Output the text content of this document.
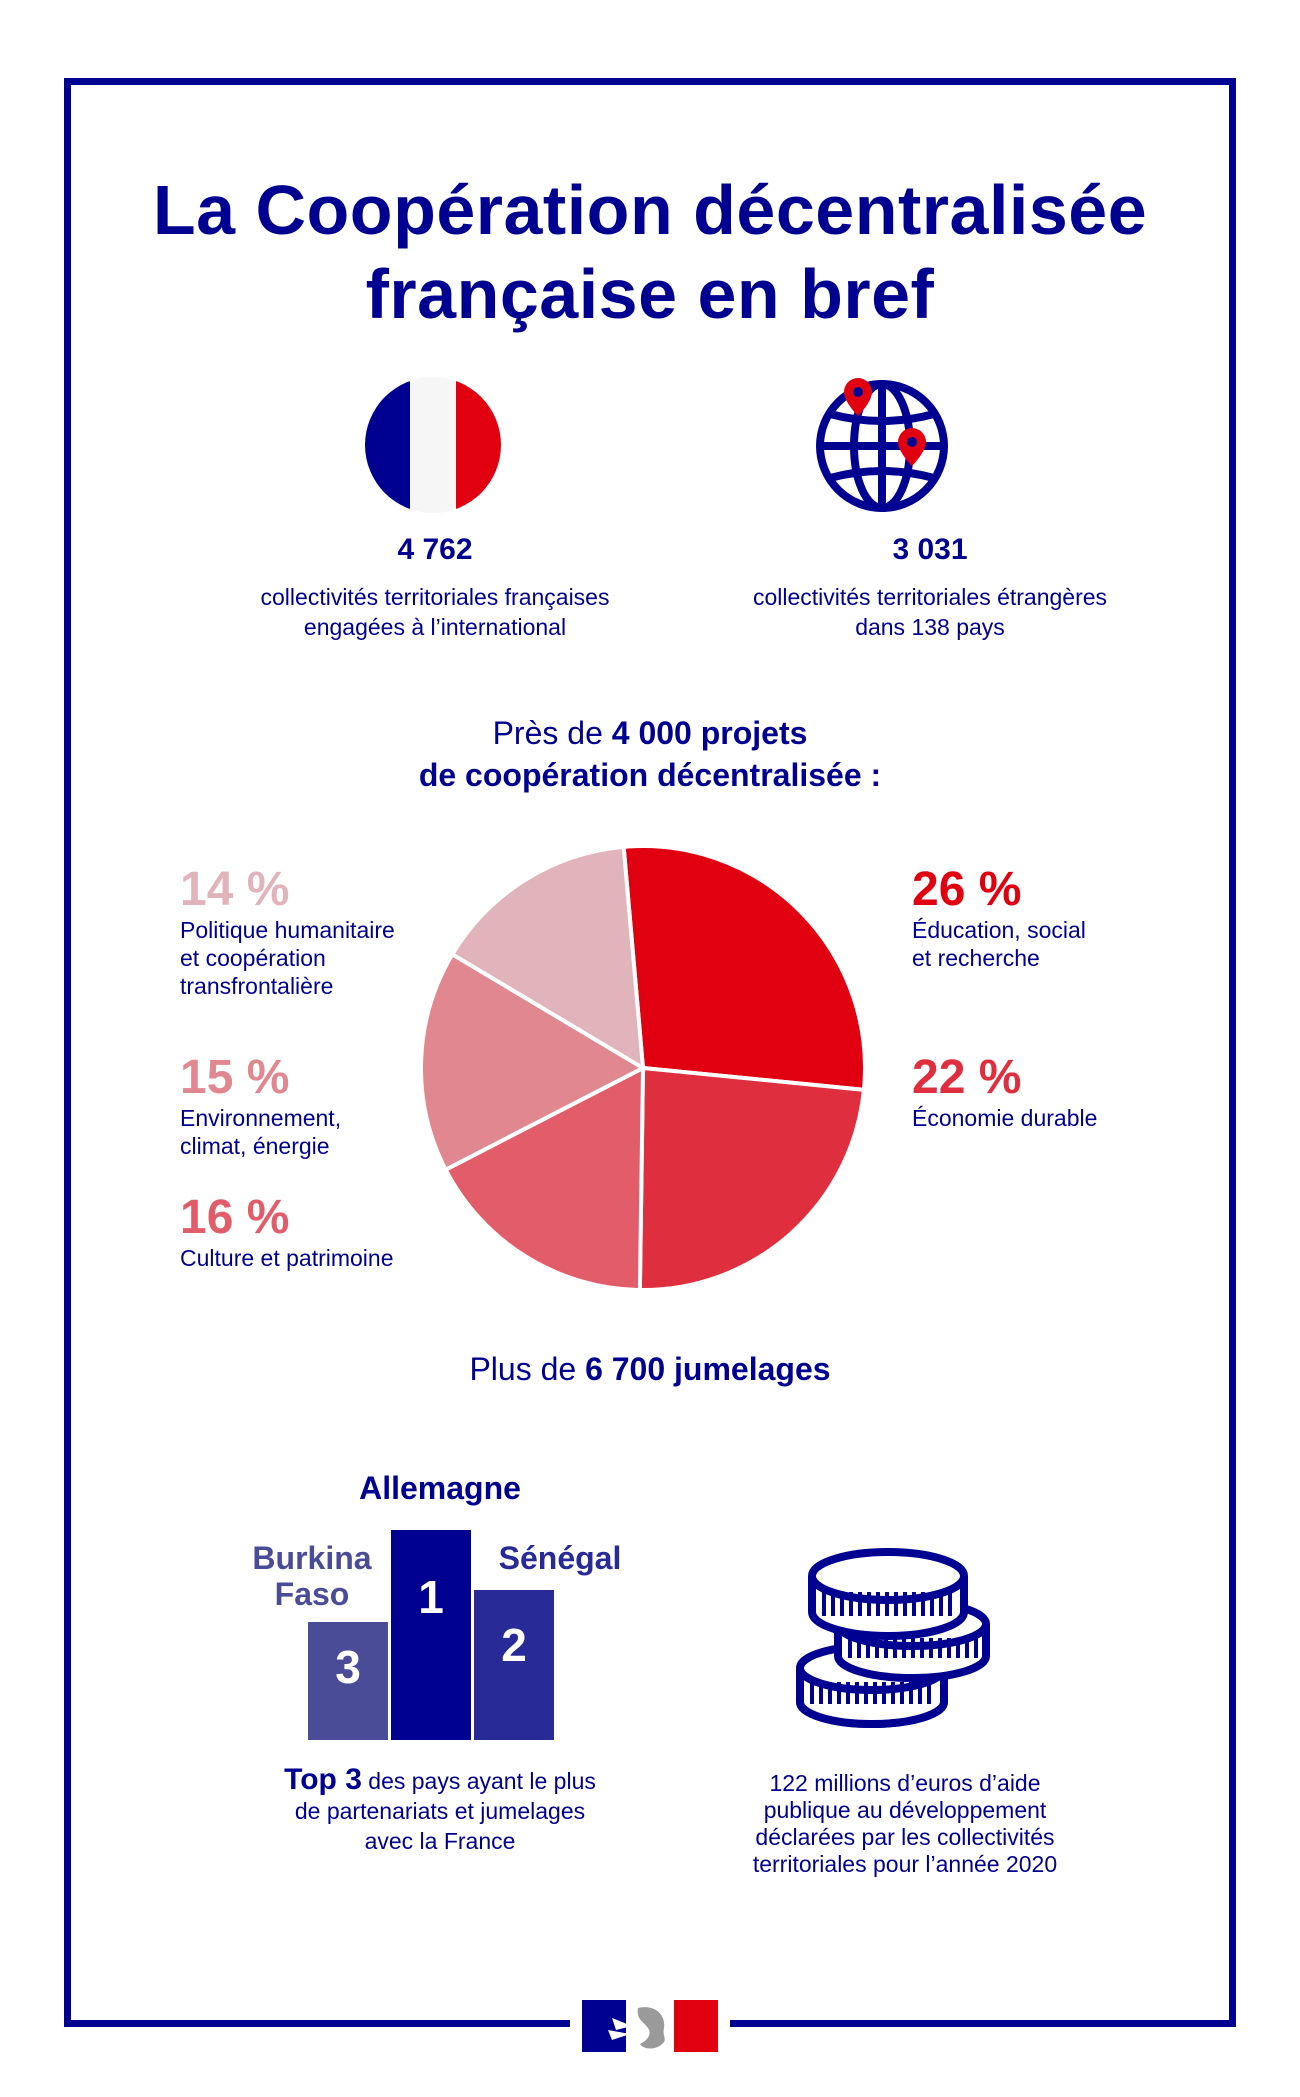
La Coopération décentralisée
française en bref
4 762
collectivités territoriales françaises
engagées à l’international
3 031
collectivités territoriales étrangères
dans 138 pays
Près de 4 000 projets
de coopération décentralisée :
26 %
Éducation, social
et recherche
22 %
Économie durable
16 %
Culture et patrimoine
15 %
Environnement,
climat, énergie
14 %
Politique humanitaire
et coopération
transfrontalière
Plus de 6 700 jumelages
Allemagne
Sénégal
Burkina
Faso
3
1
2
Top 3 des pays ayant le plus
de partenariats et jumelages
avec la France
122 millions d’euros d’aide
publique au développement
déclarées par les collectivités
territoriales pour l’année 2020
